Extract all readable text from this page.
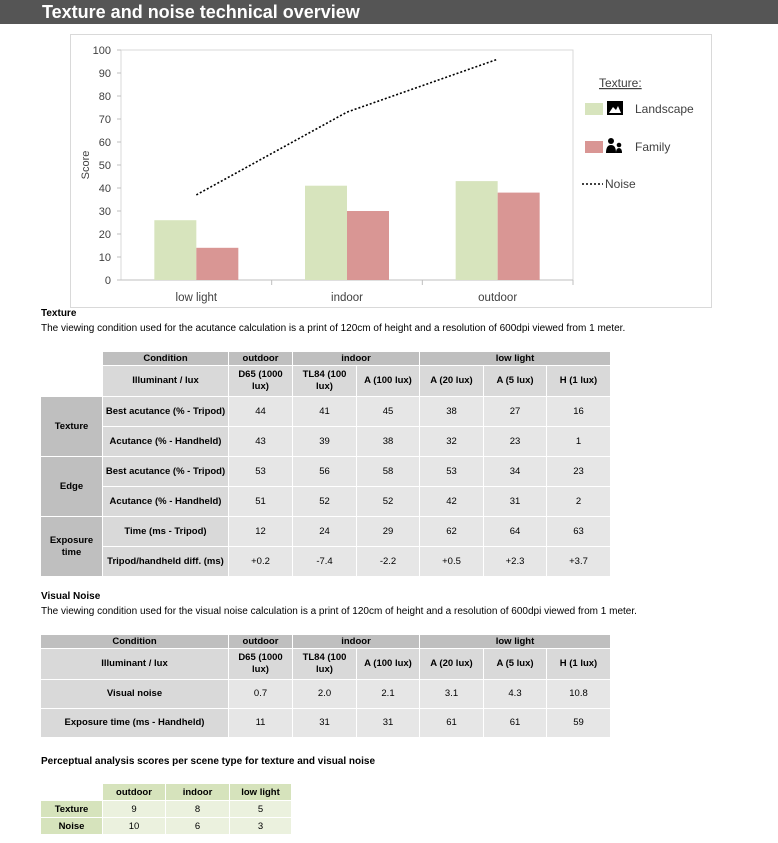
Texture and noise technical overview
0
10
20
30
40
50
60
70
80
90
100
Score
low light	indoor	outdoor
Texture:
Landscape
Family
Noise
Texture
The viewing condition used for the acutance calculation is a print of 120cm of height and a resolution of 600dpi viewed from 1 meter.
	Condition	outdoor	indoor		low light		
	Illuminant / lux	D65 (1000 lux)	TL84 (100 lux)	A (100 lux)	A (20 lux)	A (5 lux)	H (1 lux)
Texture	Best acutance (% - Tripod)	44	41	45	38	27	16
	Acutance (% - Handheld)	43	39	38	32	23	1
Edge	Best acutance (% - Tripod)	53	56	58	53	34	23
	Acutance (% - Handheld)	51	52	52	42	31	2
Exposure time	Time (ms - Tripod)	12	24	29	62	64	63
	Tripod/handheld diff. (ms)	+0.2	-7.4	-2.2	+0.5	+2.3	+3.7
Visual Noise
The viewing condition used for the visual noise calculation is a print of 120cm of height and a resolution of 600dpi viewed from 1 meter.
Condition	outdoor	indoor		low light		
Illuminant / lux	D65 (1000 lux)	TL84 (100 lux)	A (100 lux)	A (20 lux)	A (5 lux)	H (1 lux)
Visual noise	0.7	2.0	2.1	3.1	4.3	10.8
Exposure time (ms - Handheld)	11	31	31	61	61	59
Perceptual analysis scores per scene type for texture and visual noise
	outdoor	indoor	low light
Texture	9	8	5
Noise	10	6	3
